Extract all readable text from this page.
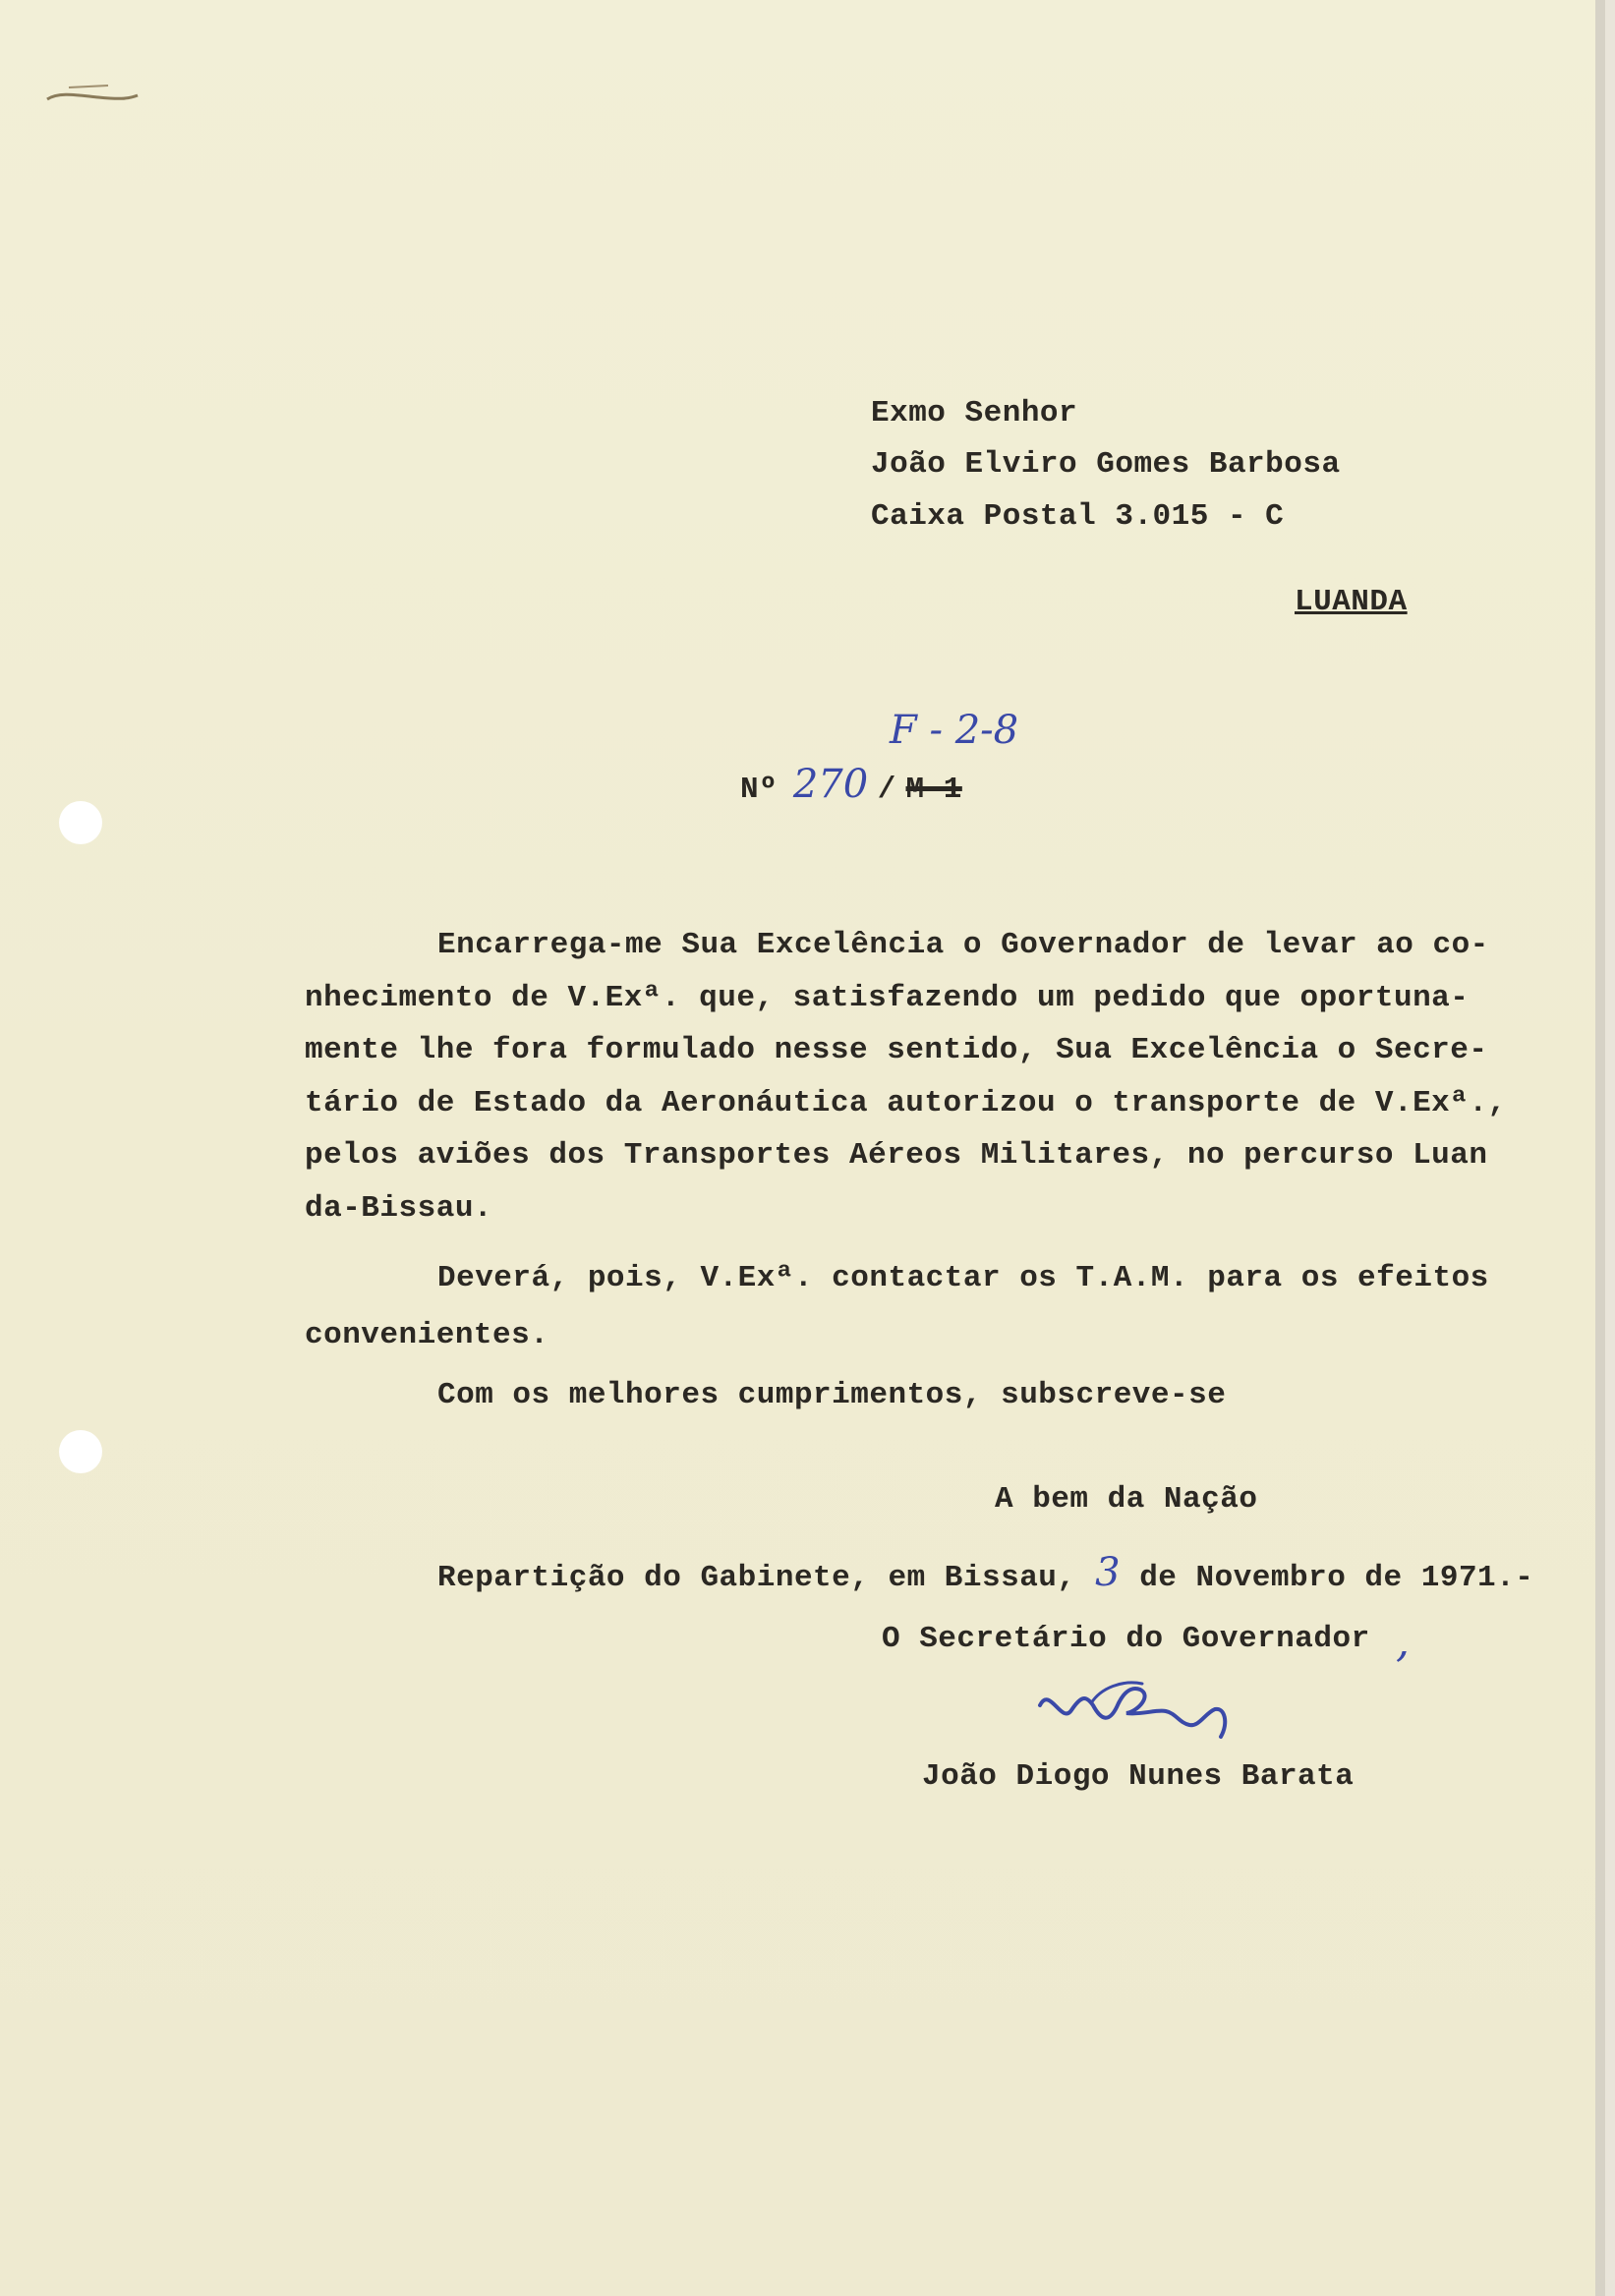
Exmo Senhor
João Elviro Gomes Barbosa
Caixa Postal 3.015 - C
LUANDA
F - 2-8
Nº 270 / M-1
Encarrega-me Sua Excelência o Governador de levar ao co-
nhecimento de V.Exª. que, satisfazendo um pedido que oportuna-
mente lhe fora formulado nesse sentido, Sua Excelência o Secre-
tário de Estado da Aeronáutica autorizou o transporte de V.Exª.,
pelos aviões dos Transportes Aéreos Militares, no percurso Luan
da-Bissau.
Deverá, pois, V.Exª. contactar os T.A.M. para os efeitos
convenientes.
Com os melhores cumprimentos, subscreve-se
A bem da Nação
Repartição do Gabinete, em Bissau, 3 de Novembro de 1971.-
O Secretário do Governador ,
João Diogo Nunes Barata
